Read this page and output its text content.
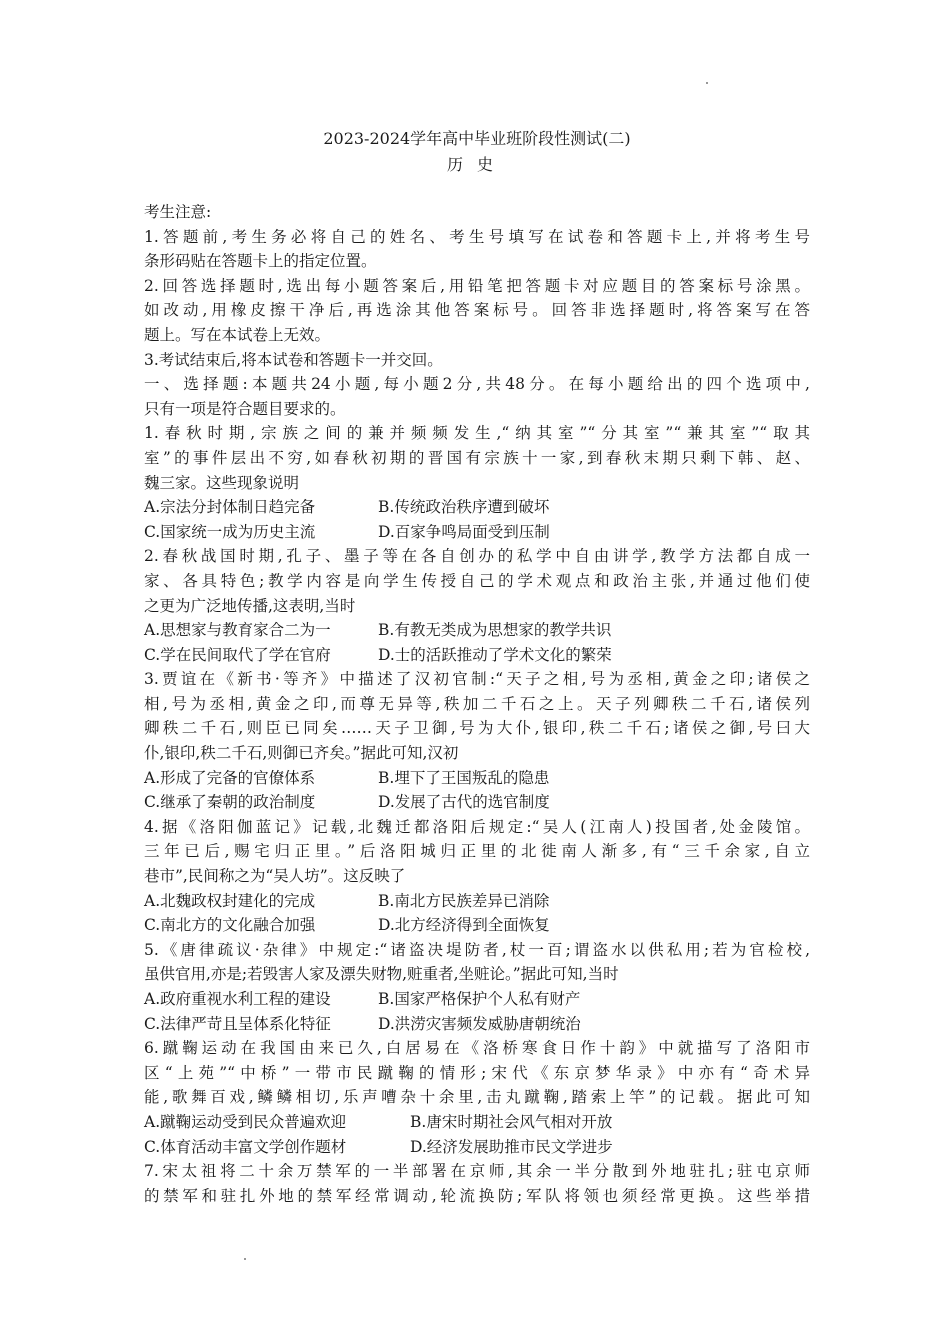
2023-2024学年高中毕业班阶段性测试(二)
历史

考生注意:

1.答题前,考生务必将自己的姓名、考生号填写在试卷和答题卡上,并将考生号

条形码贴在答题卡上的指定位置。

2.回答选择题时,选出每小题答案后,用铅笔把答题卡对应题目的答案标号涂黑。

如改动,用橡皮擦干净后,再选涂其他答案标号。回答非选择题时,将答案写在答

题上。写在本试卷上无效。

3.考试结束后,将本试卷和答题卡一并交回。

一、选择题:本题共24小题,每小题2分,共48分。在每小题给出的四个选项中,

只有一项是符合题目要求的。

1.春秋时期,宗族之间的兼并频频发生,“纳其室”“分其室”“兼其室”“取其

室”的事件层出不穷,如春秋初期的晋国有宗族十一家,到春秋末期只剩下韩、赵、

魏三家。这些现象说明

A.宗法分封体制日趋完备	B.传统政治秩序遭到破坏
C.国家统一成为历史主流	D.百家争鸣局面受到压制

2.春秋战国时期,孔子、墨子等在各自创办的私学中自由讲学,教学方法都自成一

家、各具特色;教学内容是向学生传授自己的学术观点和政治主张,并通过他们使

之更为广泛地传播,这表明,当时

A.思想家与教育家合二为一	B.有教无类成为思想家的教学共识
C.学在民间取代了学在官府	D.士的活跃推动了学术文化的繁荣

3.贾谊在《新书·等齐》中描述了汉初官制:“天子之相,号为丞相,黄金之印;诸侯之

相,号为丞相,黄金之印,而尊无异等,秩加二千石之上。天子列卿秩二千石,诸侯列

卿秩二千石,则臣已同矣……天子卫御,号为大仆,银印,秩二千石;诸侯之御,号曰大

仆,银印,秩二千石,则御已齐矣。”据此可知,汉初

A.形成了完备的官僚体系	B.埋下了王国叛乱的隐患
C.继承了秦朝的政治制度	D.发展了古代的选官制度

4.据《洛阳伽蓝记》记载,北魏迁都洛阳后规定:“吴人(江南人)投国者,处金陵馆。

三年已后,赐宅归正里。”后洛阳城归正里的北徙南人渐多,有“三千余家,自立

巷市”,民间称之为“吴人坊”。这反映了

A.北魏政权封建化的完成	B.南北方民族差异已消除
C.南北方的文化融合加强	D.北方经济得到全面恢复

5.《唐律疏议·杂律》中规定:“诸盗决堤防者,杖一百;谓盗水以供私用;若为官检校,

虽供官用,亦是;若毁害人家及漂失财物,赃重者,坐赃论。”据此可知,当时

A.政府重视水利工程的建设	B.国家严格保护个人私有财产
C.法律严苛且呈体系化特征	D.洪涝灾害频发威胁唐朝统治

6.蹴鞠运动在我国由来已久,白居易在《洛桥寒食日作十韵》中就描写了洛阳市

区“上苑”“中桥”一带市民蹴鞠的情形;宋代《东京梦华录》中亦有“奇术异

能,歌舞百戏,鳞鳞相切,乐声嘈杂十余里,击丸蹴鞠,踏索上竿”的记载。据此可知

A.蹴鞠运动受到民众普遍欢迎	B.唐宋时期社会风气相对开放
C.体育活动丰富文学创作题材	D.经济发展助推市民文学进步

7.宋太祖将二十余万禁军的一半部署在京师,其余一半分散到外地驻扎;驻屯京师

的禁军和驻扎外地的禁军经常调动,轮流换防;军队将领也须经常更换。这些举措
